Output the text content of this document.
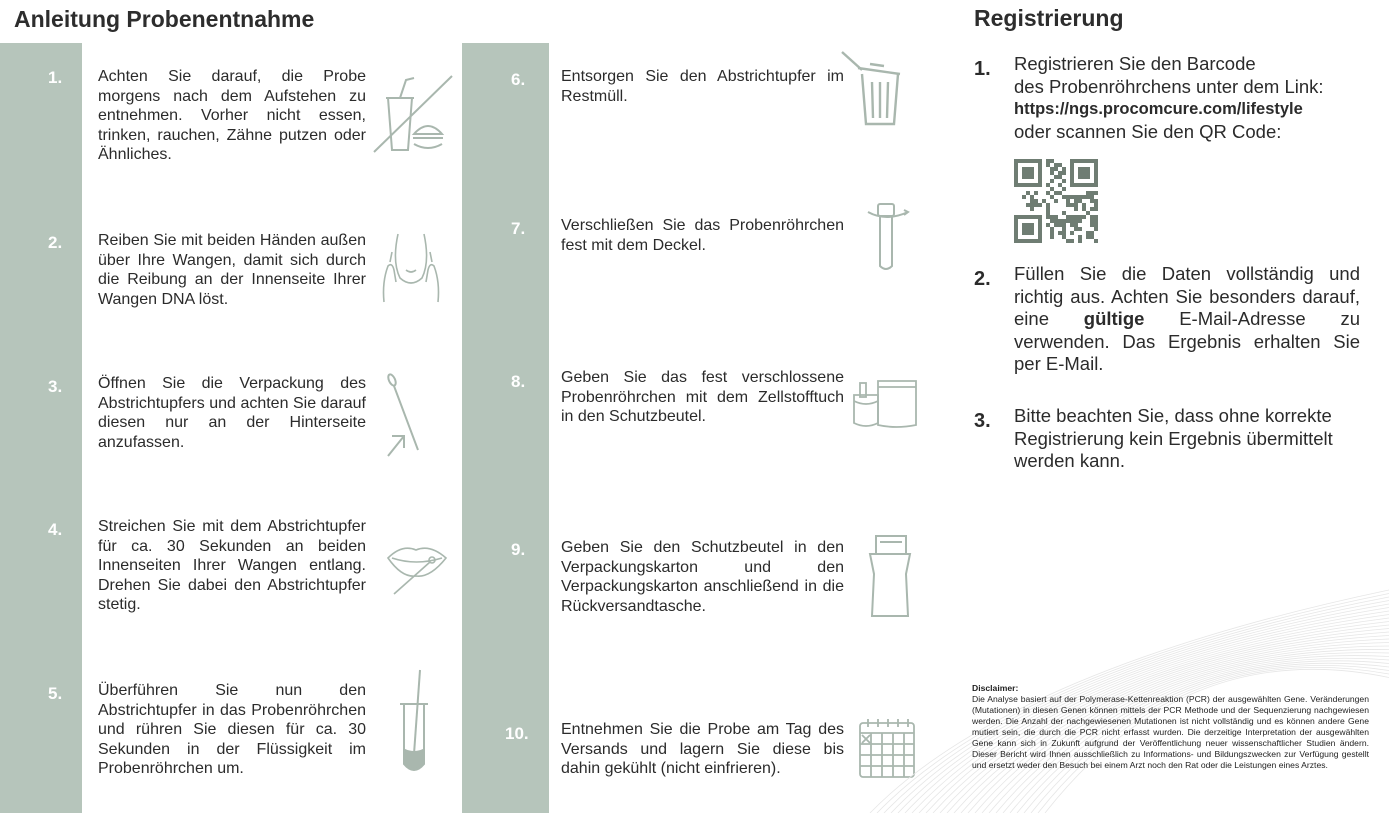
Anleitung Probenentnahme	Registrierung
1. Achten Sie darauf, die Probe morgens nach dem Aufstehen zu entnehmen. Vorher nicht essen, trinken, rauchen, Zähne putzen oder Ähnliches.
2. Reiben Sie mit beiden Händen außen über Ihre Wangen, damit sich durch die Reibung an der Innenseite Ihrer Wangen DNA löst.
3. Öffnen Sie die Verpackung des Abstrichtupfers und achten Sie darauf diesen nur an der Hinterseite anzufassen.
4. Streichen Sie mit dem Abstrichtupfer für ca. 30 Sekunden an beiden Innenseiten Ihrer Wangen entlang. Drehen Sie dabei den Abstrichtupfer stetig.
5. Überführen Sie nun den Abstrichtupfer in das Probenröhrchen und rühren Sie diesen für ca. 30 Sekunden in der Flüssigkeit im Probenröhrchen um.
6. Entsorgen Sie den Abstrichtupfer im Restmüll.
7. Verschließen Sie das Probenröhrchen fest mit dem Deckel.
8. Geben Sie das fest verschlossene Probenröhrchen mit dem Zellstofftuch in den Schutzbeutel.
9. Geben Sie den Schutzbeutel in den Verpackungskarton und den Verpackungskarton anschließend in die Rückversandtasche.
10. Entnehmen Sie die Probe am Tag des Versands und lagern Sie diese bis dahin gekühlt (nicht einfrieren).
1. Registrieren Sie den Barcode
des Probenröhrchens unter dem Link:
https://ngs.procomcure.com/lifestyle
oder scannen Sie den QR Code:
2. Füllen Sie die Daten vollständig und richtig aus. Achten Sie besonders darauf, eine gültige E-Mail-Adresse zu verwenden. Das Ergebnis erhalten Sie per E-Mail.
3. Bitte beachten Sie, dass ohne korrekte Registrierung kein Ergebnis übermittelt werden kann.
Disclaimer:
Die Analyse basiert auf der Polymerase-Kettenreaktion (PCR) der ausgewählten Gene. Veränderungen (Mutationen) in diesen Genen können mittels der PCR Methode und der Sequenzierung nachgewiesen werden. Die Anzahl der nachgewiesenen Mutationen ist nicht vollständig und es können andere Gene mutiert sein, die durch die PCR nicht erfasst wurden. Die derzeitige Interpretation der ausgewählten Gene kann sich in Zukunft aufgrund der Veröffentlichung neuer wissenschaftlicher Studien ändern. Dieser Bericht wird Ihnen ausschließlich zu Informations- und Bildungszwecken zur Verfügung gestellt und ersetzt weder den Besuch bei einem Arzt noch den Rat oder die Leistungen eines Arztes.
